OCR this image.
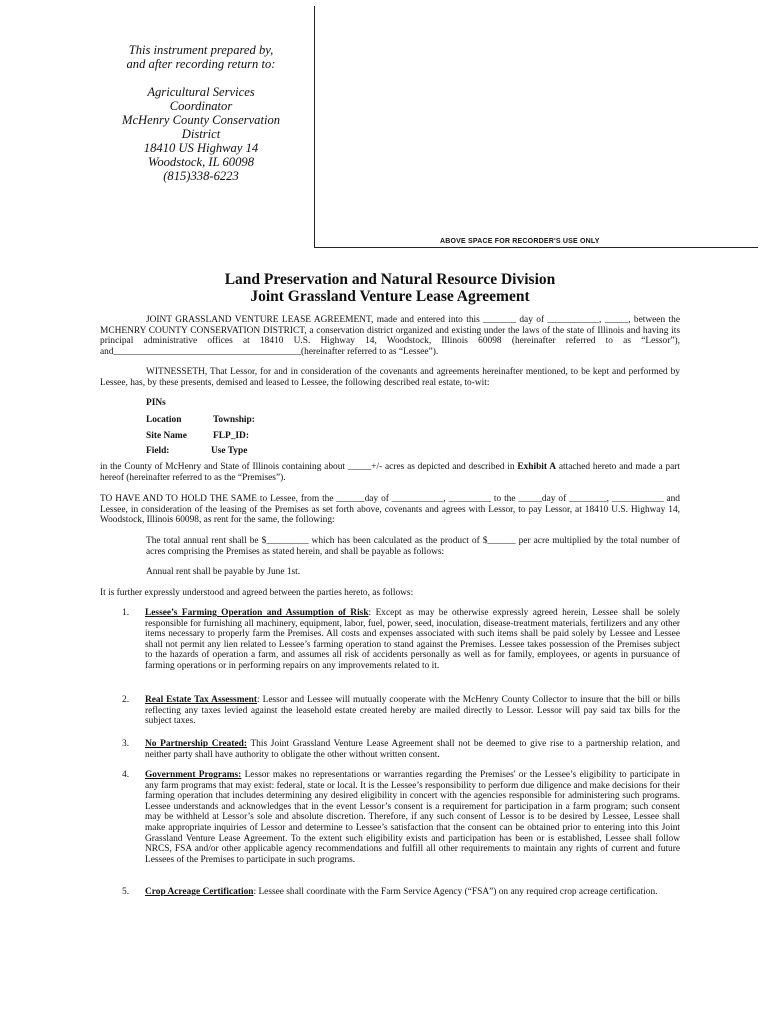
This instrument prepared by,
and after recording return to:
Agricultural Services
Coordinator
McHenry County Conservation
District
18410 US Highway 14
Woodstock, IL 60098
(815)338-6223
ABOVE SPACE FOR RECORDER'S USE ONLY
Land Preservation and Natural Resource Division
Joint Grassland Venture Lease Agreement

JOINT GRASSLAND VENTURE LEASE AGREEMENT, made and entered into this _______ day of ___________, _____, between the MCHENRY COUNTY CONSERVATION DISTRICT, a conservation district organized and existing under the laws of the state of Illinois and having its principal administrative offices at 18410 U.S. Highway 14, Woodstock, Illinois 60098 (hereinafter referred to as “Lessor”), and________________________________________(hereinafter referred to as “Lessee”).

WITNESSETH, That Lessor, for and in consideration of the covenants and agreements hereinafter mentioned, to be kept and performed by Lessee, has, by these presents, demised and leased to Lessee, the following described real estate, to-wit:

PINs
Location	Township:
Site Name	FLP_ID:
Field:	Use Type
in the County of McHenry and State of Illinois containing about _____+/- acres as depicted and described in Exhibit A attached hereto and made a part hereof (hereinafter referred to as the “Premises”).
TO HAVE AND TO HOLD THE SAME to Lessee, from the ______day of ___________, _________ to the _____day of ________, ___________ and Lessee, in consideration of the leasing of the Premises as set forth above, covenants and agrees with Lessor, to pay Lessor, at 18410 U.S. Highway 14, Woodstock, Illinois 60098, as rent for the same, the following:

The total annual rent shall be $_________ which has been calculated as the product of $______ per acre multiplied by the total number of acres comprising the Premises as stated herein, and shall be payable as follows:

Annual rent shall be payable by June 1st.

It is further expressly understood and agreed between the parties hereto, as follows:
1. Lessee’s Farming Operation and Assumption of Risk: Except as may be otherwise expressly agreed herein, Lessee shall be solely responsible for furnishing all machinery, equipment, labor, fuel, power, seed, inoculation, disease-treatment materials, fertilizers and any other items necessary to properly farm the Premises. All costs and expenses associated with such items shall be paid solely by Lessee and Lessee shall not permit any lien related to Lessee’s farming operation to stand against the Premises. Lessee takes possession of the Premises subject to the hazards of operation a farm, and assumes all risk of accidents personally as well as for family, employees, or agents in pursuance of farming operations or in performing repairs on any improvements related to it.
2. Real Estate Tax Assessment: Lessor and Lessee will mutually cooperate with the McHenry County Collector to insure that the bill or bills reflecting any taxes levied against the leasehold estate created hereby are mailed directly to Lessor. Lessor will pay said tax bills for the subject taxes.
3. No Partnership Created: This Joint Grassland Venture Lease Agreement shall not be deemed to give rise to a partnership relation, and neither party shall have authority to obligate the other without written consent.
4. Government Programs: Lessor makes no representations or warranties regarding the Premises' or the Lessee’s eligibility to participate in any farm programs that may exist: federal, state or local. It is the Lessee’s responsibility to perform due diligence and make decisions for their farming operation that includes determining any desired eligibility in concert with the agencies responsible for administering such programs. Lessee understands and acknowledges that in the event Lessor’s consent is a requirement for participation in a farm program; such consent may be withheld at Lessor’s sole and absolute discretion. Therefore, if any such consent of Lessor is to be desired by Lessee, Lessee shall make appropriate inquiries of Lessor and determine to Lessee’s satisfaction that the consent can be obtained prior to entering into this Joint Grassland Venture Lease Agreement. To the extent such eligibility exists and participation has been or is established, Lessee shall follow NRCS, FSA and/or other applicable agency recommendations and fulfill all other requirements to maintain any rights of current and future Lessees of the Premises to participate in such programs.
5. Crop Acreage Certification: Lessee shall coordinate with the Farm Service Agency (“FSA”) on any required crop acreage certification.
